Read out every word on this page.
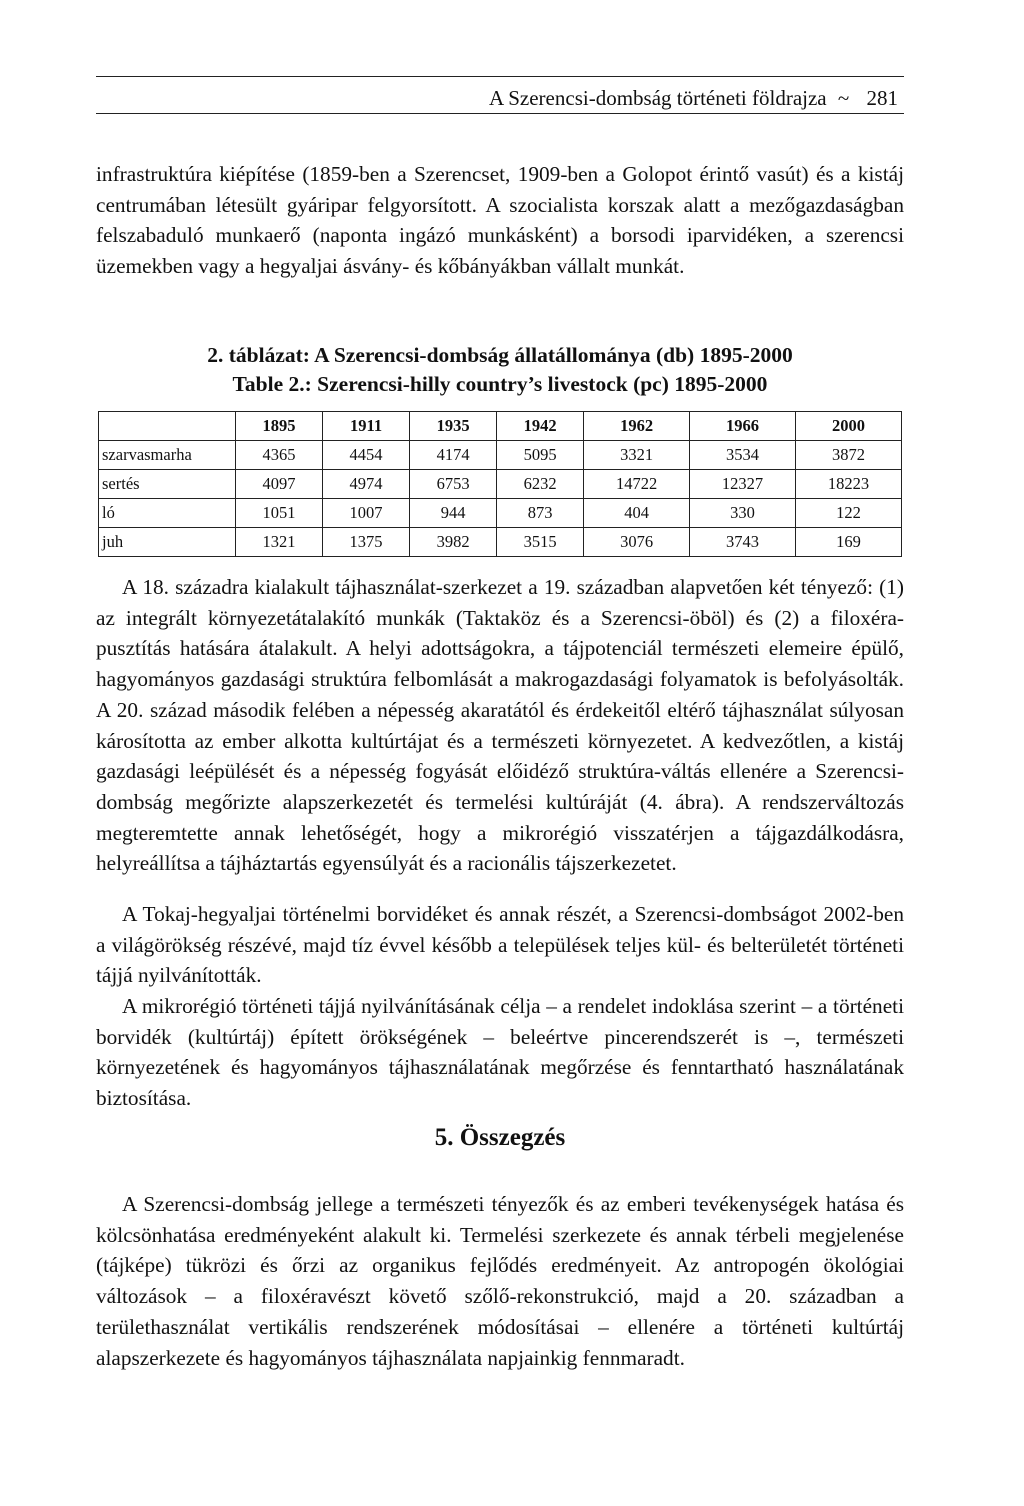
A Szerencsi-dombság történeti földrajza ~ 281

infrastruktúra kiépítése (1859-ben a Szerencset, 1909-ben a Golopot érintő vasút) és a kistáj centrumában létesült gyáripar felgyorsított. A szocialista korszak alatt a mezőgazdaságban felszabaduló munkaerő (naponta ingázó munkásként) a borsodi iparvidéken, a szerencsi üzemekben vagy a hegyaljai ásvány- és kőbányákban vállalt munkát.

2. táblázat: A Szerencsi-dombság állatállománya (db) 1895-2000
Table 2.: Szerencsi-hilly country’s livestock (pc) 1895-2000
	1895	1911	1935	1942	1962	1966	2000
szarvasmarha	4365	4454	4174	5095	3321	3534	3872
sertés	4097	4974	6753	6232	14722	12327	18223
ló	1051	1007	944	873	404	330	122
juh	1321	1375	3982	3515	3076	3743	169

A 18. századra kialakult tájhasználat-szerkezet a 19. században alapvetően két tényező: (1) az integrált környezetátalakító munkák (Taktaköz és a Szerencsi-öböl) és (2) a filoxéra-pusztítás hatására átalakult. A helyi adottságokra, a tájpotenciál természeti elemeire épülő, hagyományos gazdasági struktúra felbomlását a makrogazdasági folyamatok is befolyásolták. A 20. század második felében a népesség akaratától és érdekeitől eltérő tájhasználat súlyosan károsította az ember alkotta kultúrtájat és a természeti környezetet. A kedvezőtlen, a kistáj gazdasági leépülését és a népesség fogyását előidéző struktúra-váltás ellenére a Szerencsi-dombság megőrizte alapszerkezetét és termelési kultúráját (4. ábra). A rendszerváltozás megteremtette annak lehetőségét, hogy a mikrorégió visszatérjen a tájgazdálkodásra, helyreállítsa a tájháztartás egyensúlyát és a racionális tájszerkezetet.

A Tokaj-hegyaljai történelmi borvidéket és annak részét, a Szerencsi-dombságot 2002-ben a világörökség részévé, majd tíz évvel később a települések teljes kül- és belterületét történeti tájjá nyilvánították.

A mikrorégió történeti tájjá nyilvánításának célja – a rendelet indoklása szerint – a történeti borvidék (kultúrtáj) épített örökségének – beleértve pincerendszerét is –, természeti környezetének és hagyományos tájhasználatának megőrzése és fenntartható használatának biztosítása.

5. Összegzés

A Szerencsi-dombság jellege a természeti tényezők és az emberi tevékenységek hatása és kölcsönhatása eredményeként alakult ki. Termelési szerkezete és annak térbeli megjelenése (tájképe) tükrözi és őrzi az organikus fejlődés eredményeit. Az antropogén ökológiai változások – a filoxéravészt követő szőlő-rekonstrukció, majd a 20. században a területhasználat vertikális rendszerének módosításai – ellenére a történeti kultúrtáj alapszerkezete és hagyományos tájhasználata napjainkig fennmaradt.
